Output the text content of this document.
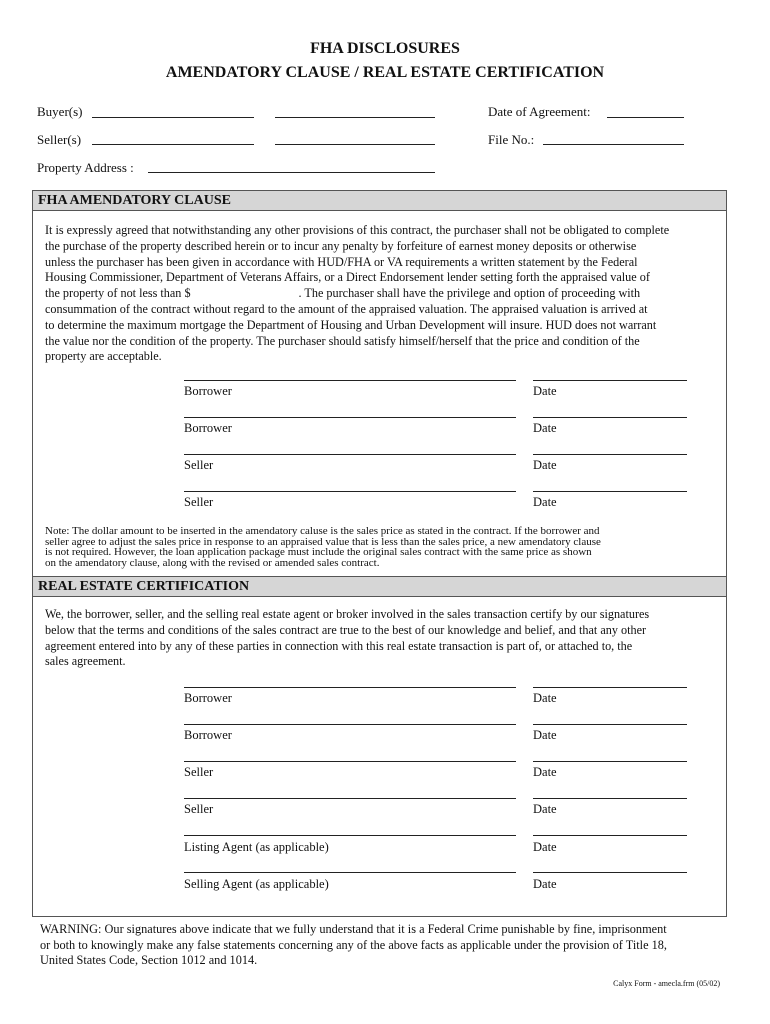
FHA DISCLOSURES
AMENDATORY CLAUSE / REAL ESTATE CERTIFICATION
Buyer(s)	Date of Agreement:
Seller(s)	File No.:
Property Address :
FHA AMENDATORY CLAUSE
It is expressly agreed that notwithstanding any other provisions of this contract, the purchaser shall not be obligated to complete
the purchase of the property described herein or to incur any penalty by forfeiture of earnest money deposits or otherwise
unless the purchaser has been given in accordance with HUD/FHA or VA requirements a written statement by the Federal
Housing Commissioner, Department of Veterans Affairs, or a Direct Endorsement lender setting forth the appraised value of
the property of not less than $	. The purchaser shall have the privilege and option of proceeding with
consummation of the contract without regard to the amount of the appraised valuation. The appraised valuation is arrived at
to determine the maximum mortgage the Department of Housing and Urban Development will insure. HUD does not warrant
the value nor the condition of the property. The purchaser should satisfy himself/herself that the price and condition of the
property are acceptable.
Borrower	Date
Borrower	Date
Seller	Date
Seller	Date
Note: The dollar amount to be inserted in the amendatory caluse is the sales price as stated in the contract. If the borrower and
seller agree to adjust the sales price in response to an appraised value that is less than the sales price, a new amendatory clause
is not required. However, the loan application package must include the original sales contract with the same price as shown
on the amendatory clause, along with the revised or amended sales contract.
REAL ESTATE CERTIFICATION
We, the borrower, seller, and the selling real estate agent or broker involved in the sales transaction certify by our signatures
below that the terms and conditions of the sales contract are true to the best of our knowledge and belief, and that any other
agreement entered into by any of these parties in connection with this real estate transaction is part of, or attached to, the
sales agreement.
Borrower	Date
Borrower	Date
Seller	Date
Seller	Date
Listing Agent (as applicable)	Date
Selling Agent (as applicable)	Date
WARNING: Our signatures above indicate that we fully understand that it is a Federal Crime punishable by fine, imprisonment
or both to knowingly make any false statements concerning any of the above facts as applicable under the provision of Title 18,
United States Code, Section 1012 and 1014.
Calyx Form - amecla.frm (05/02)
